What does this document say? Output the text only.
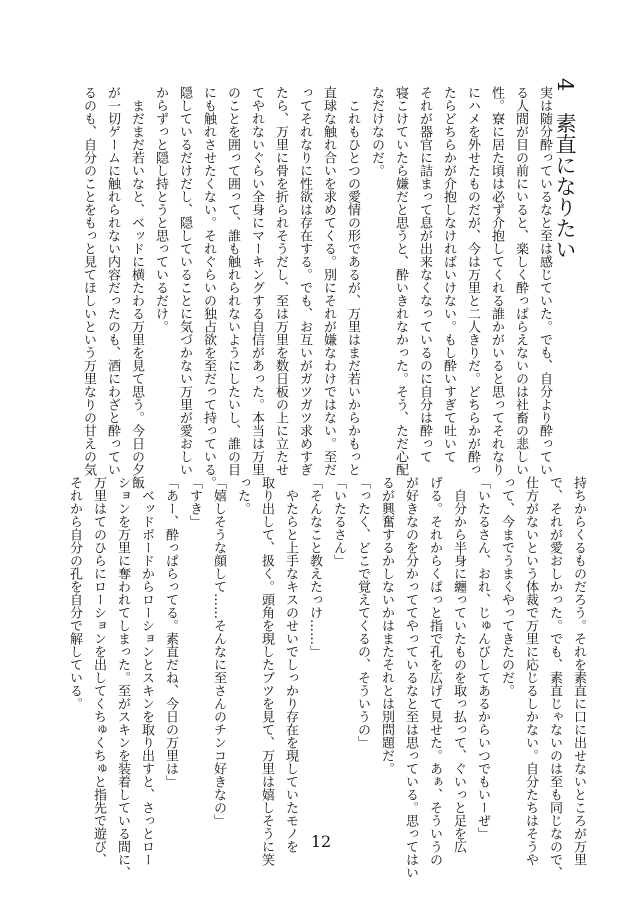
4　素直になりたい
実は随分酔っているなと至は感じていた。でも、自分より酔ってい
る人間が目の前にいると、楽しく酔っぱらえないのは社畜の悲しい
性。寮に居た頃は必ず介抱してくれる誰かがいると思ってそれなり
にハメを外せたものだが、今は万里と二人きりだ。どちらかが酔っ
たらどちらかが介抱しなければいけない。もし酔いすぎて吐いて
それが器官に詰まって息が出来なくなっているのに自分は酔って
寝こけていたら嫌だと思うと、酔いきれなかった。そう、ただ心配
なだけなのだ。
　これもひとつの愛情の形であるが、万里はまだ若いからかもっと
直球な触れ合いを求めてくる。別にそれが嫌なわけではない。至だ
ってそれなりに性欲は存在する。でも、お互いがガツガツ求めすぎ
たら、万里に骨を折られそうだし、至は万里を数日板の上に立たせ
てやれないぐらい全身にマーキングする自信があった。本当は万里
のことを囲って囲って、誰も触れられないようにしたいし、誰の目
にも触れさせたくない。それぐらいの独占欲を至だって持っている。
隠しているだけだし、隠していることに気づかない万里が愛おしい
からずっと隠し持とうと思っているだけ。
　まだまだ若いなと、ベッドに横たわる万里を見て思う。今日の夕飯
が一切ゲームに触れられない内容だったのも、酒にわざと酔ってい
るのも、自分のことをもっと見てほしいという万里なりの甘えの気
持ちからくるものだろう。それを素直に口に出せないところが万里
で、それが愛おしかった。でも、素直じゃないのは至も同じなので、
仕方がないという体裁で万里に応じるしかない。自分たちはそうや
って、今までうまくやってきたのだ。
「いたるさん、おれ、じゅんびしてあるからいつでもいーぜ」
　自分から半身に纏っていたものを取っ払って、ぐいっと足を広
げる。それからくぱっと指で孔を広げて見せた。あぁ、そういうの
が好きなのを分かっててやっているなと至は思っている。思ってはい
るが興奮するかしないかはまたそれとは別問題だ。
「ったく、どこで覚えてくるの、そういうの」
「いたるさん」
「そんなこと教えたっけ……」
　やたらと上手なキスのせいでしっかり存在を現していたモノを
取り出して、扱く。頭角を現したブツを見て、万里は嬉しそうに笑
った。
「嬉しそうな顔して……そんなに至さんのチンコ好きなの」
「すき」
「あー、酔っぱらってる。素直だね、今日の万里は」
　ベッドボードからローションとスキンを取り出すと、さっとロー
ションを万里に奪われてしまった。至がスキンを装着している間に、
万里はてのひらにローションを出してくちゅくちゅと指先で遊び、
それから自分の孔を自分で解している。
12
